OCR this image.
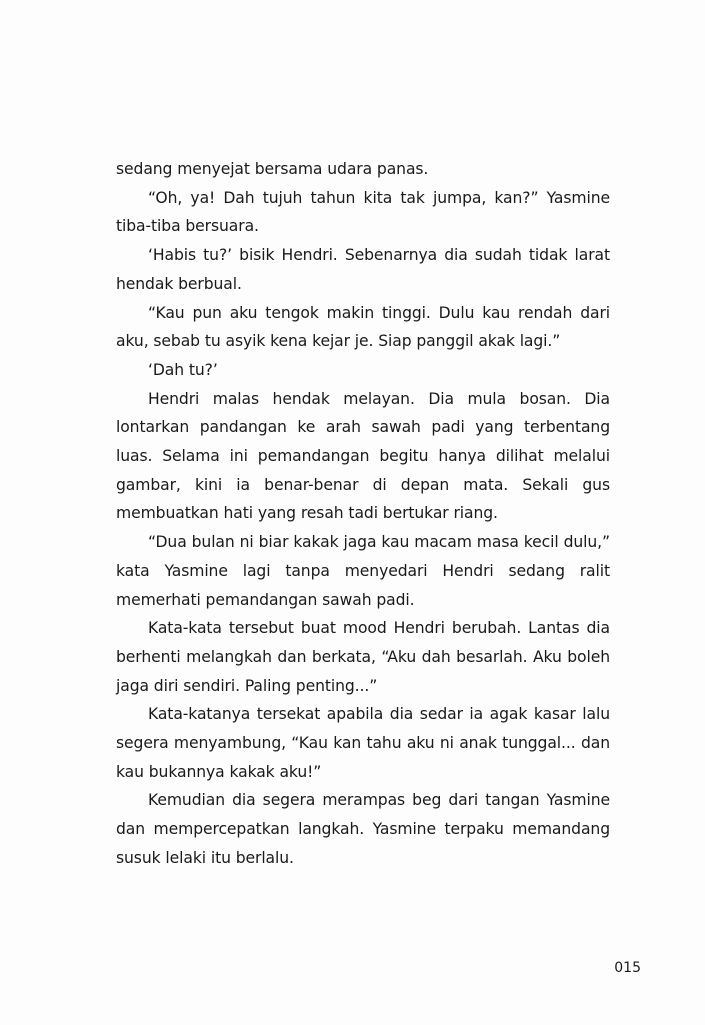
sedang menyejat bersama udara panas.

“Oh, ya! Dah tujuh tahun kita tak jumpa, kan?” Yasmine tiba-tiba bersuara.

‘Habis tu?’ bisik Hendri. Sebenarnya dia sudah tidak larat hendak berbual.

“Kau pun aku tengok makin tinggi. Dulu kau rendah dari aku, sebab tu asyik kena kejar je. Siap panggil akak lagi.”

‘Dah tu?’

Hendri malas hendak melayan. Dia mula bosan. Dia lontarkan pandangan ke arah sawah padi yang terbentang luas. Selama ini pemandangan begitu hanya dilihat melalui gambar, kini ia benar-benar di depan mata. Sekali gus membuatkan hati yang resah tadi bertukar riang.

“Dua bulan ni biar kakak jaga kau macam masa kecil dulu,” kata Yasmine lagi tanpa menyedari Hendri sedang ralit memerhati pemandangan sawah padi.

Kata-kata tersebut buat mood Hendri berubah. Lantas dia berhenti melangkah dan berkata, “Aku dah besarlah. Aku boleh jaga diri sendiri. Paling penting...”

Kata-katanya tersekat apabila dia sedar ia agak kasar lalu segera menyambung, “Kau kan tahu aku ni anak tunggal... dan kau bukannya kakak aku!”

Kemudian dia segera merampas beg dari tangan Yasmine dan mempercepatkan langkah. Yasmine terpaku memandang susuk lelaki itu berlalu.

015
